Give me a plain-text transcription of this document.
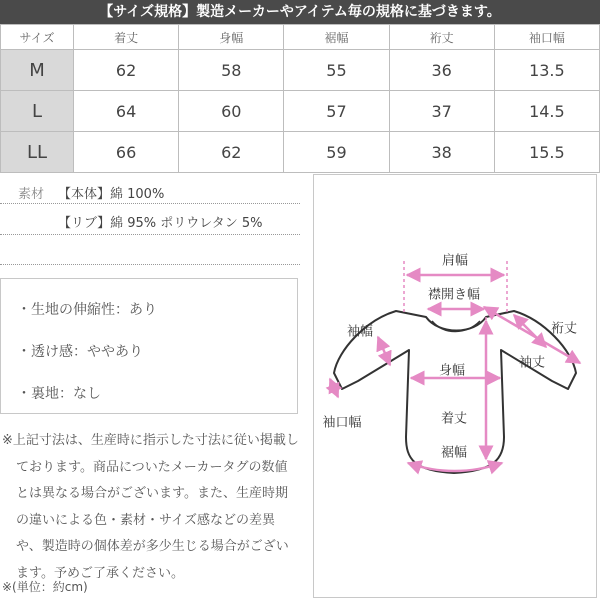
【サイズ規格】製造メーカーやアイテム毎の規格に基づきます。
サイズ	着丈	身幅	裾幅	裄丈	袖口幅
M	62	58	55	36	13.5
L	64	60	57	37	14.5
LL	66	62	59	38	15.5
素材 【本体】綿 100%
【リブ】綿 95% ポリウレタン 5%
・生地の伸縮性：あり
・透け感：ややあり
・裏地：なし

※上記寸法は、生産時に指示した寸法に従い掲載しております。商品についたメーカータグの数値とは異なる場合がございます。また、生産時期の違いによる色・素材・サイズ感などの差異や、製造時の個体差が多少生じる場合がございます。予めご了承ください。

※(単位：約cm)
肩幅
襟開き幅
袖幅	裄丈
袖丈
身幅
袖口幅	着丈
裾幅
